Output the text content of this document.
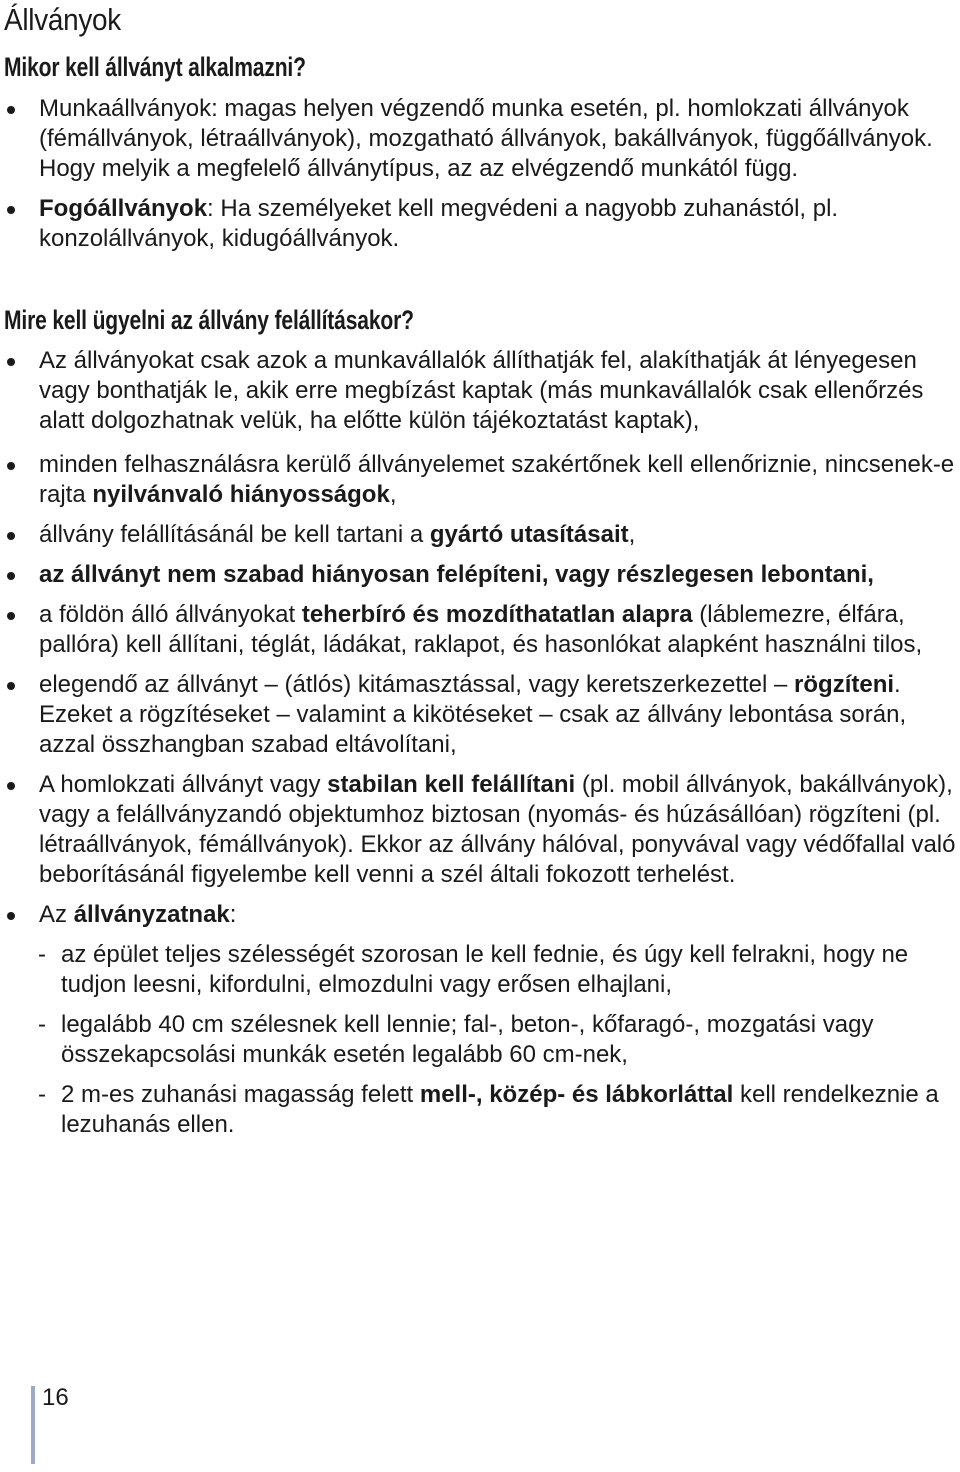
Állványok
Mikor kell állványt alkalmazni?
Munkaállványok: magas helyen végzendő munka esetén, pl. homlokzati állványok (fémállványok, létraállványok), mozgatható állványok, bakállványok, függőállványok. Hogy melyik a megfelelő állványtípus, az az elvégzendő munkától függ.
Fogóállványok: Ha személyeket kell megvédeni a nagyobb zuhanástól, pl. konzolállványok, kidugóállványok.
Mire kell ügyelni az állvány felállításakor?
Az állványokat csak azok a munkavállalók állíthatják fel, alakíthatják át lényegesen vagy bonthatják le, akik erre megbízást kaptak (más munkavállalók csak ellenőrzés alatt dolgozhatnak velük, ha előtte külön tájékoztatást kaptak),
minden felhasználásra kerülő állványelemet szakértőnek kell ellenőriznie, nincsenek-e rajta nyilvánvaló hiányosságok,
állvány felállításánál be kell tartani a gyártó utasításait,
az állványt nem szabad hiányosan felépíteni, vagy részlegesen lebontani,
a földön álló állványokat teherbíró és mozdíthatatlan alapra (láblemezre, élfára, pallóra) kell állítani, téglát, ládákat, raklapot, és hasonlókat alapként használni tilos,
elegendő az állványt – (átlós) kitámasztással, vagy keretszerkezettel – rögzíteni. Ezeket a rögzítéseket – valamint a kikötéseket – csak az állvány lebontása során, azzal összhangban szabad eltávolítani,
A homlokzati állványt vagy stabilan kell felállítani (pl. mobil állványok, bakállványok), vagy a felállványzandó objektumhoz biztosan (nyomás- és húzásállóan) rögzíteni (pl. létraállványok, fémállványok). Ekkor az állvány hálóval, ponyvával vagy védőfallal való beborításánál figyelembe kell venni a szél általi fokozott terhelést.
Az állványzatnak:
- az épület teljes szélességét szorosan le kell fednie, és úgy kell felrakni, hogy ne tudjon leesni, kifordulni, elmozdulni vagy erősen elhajlani,
- legalább 40 cm szélesnek kell lennie; fal-, beton-, kőfaragó-, mozgatási vagy összekapcsolási munkák esetén legalább 60 cm-nek,
- 2 m-es zuhanási magasság felett mell-, közép- és lábkorláttal kell rendelkeznie a lezuhanás ellen.
16
